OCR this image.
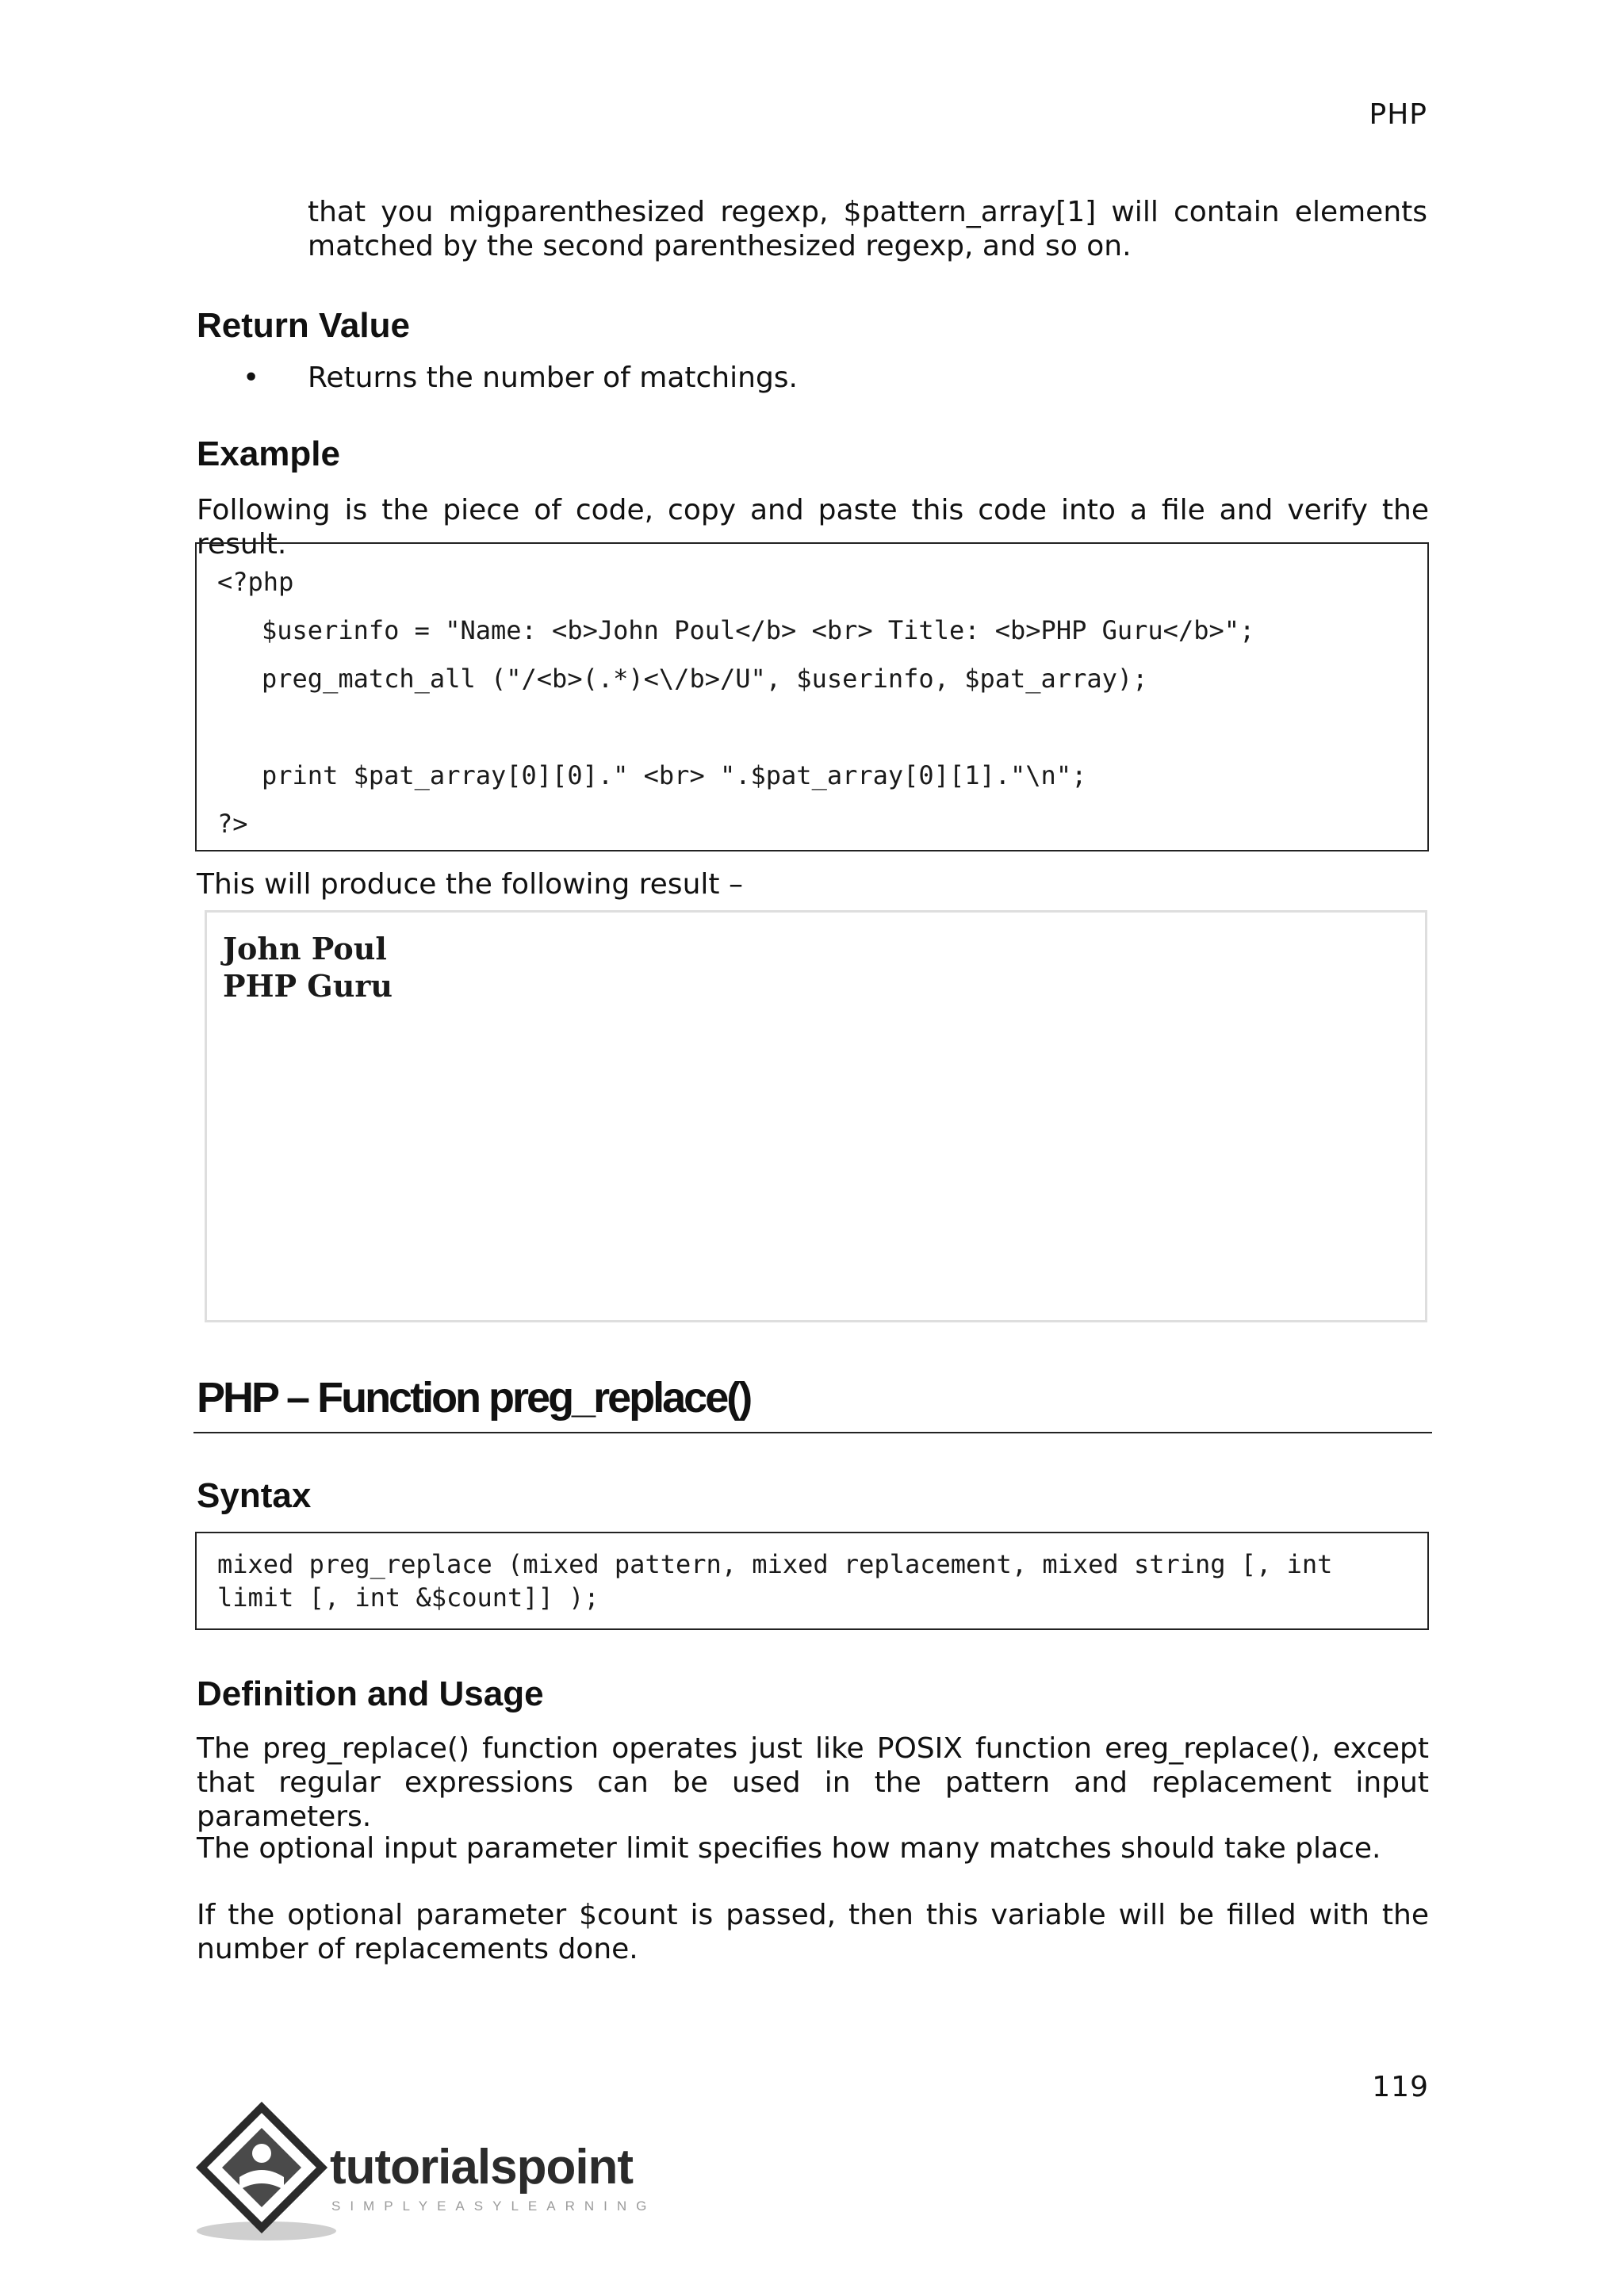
PHP
that you migparenthesized regexp, $pattern_array[1] will contain elements matched by the second parenthesized regexp, and so on.
Return Value
• Returns the number of matchings.
Example
Following is the piece of code, copy and paste this code into a file and verify the result.
<?php
$userinfo = "Name: <b>John Poul</b> <br> Title: <b>PHP Guru</b>";
preg_match_all ("/<b>(.*)<\/b>/U", $userinfo, $pat_array);
print $pat_array[0][0]." <br> ".$pat_array[0][1]."\n";
?>
This will produce the following result –
John Poul
PHP Guru
PHP – Function preg_replace()
Syntax
mixed preg_replace (mixed pattern, mixed replacement, mixed string [, int limit [, int &$count]] );
Definition and Usage
The preg_replace() function operates just like POSIX function ereg_replace(), except that regular expressions can be used in the pattern and replacement input parameters.
The optional input parameter limit specifies how many matches should take place.
If the optional parameter $count is passed, then this variable will be filled with the number of replacements done.
119
tutorialspoint
SIMPLYEASYLEARNING
